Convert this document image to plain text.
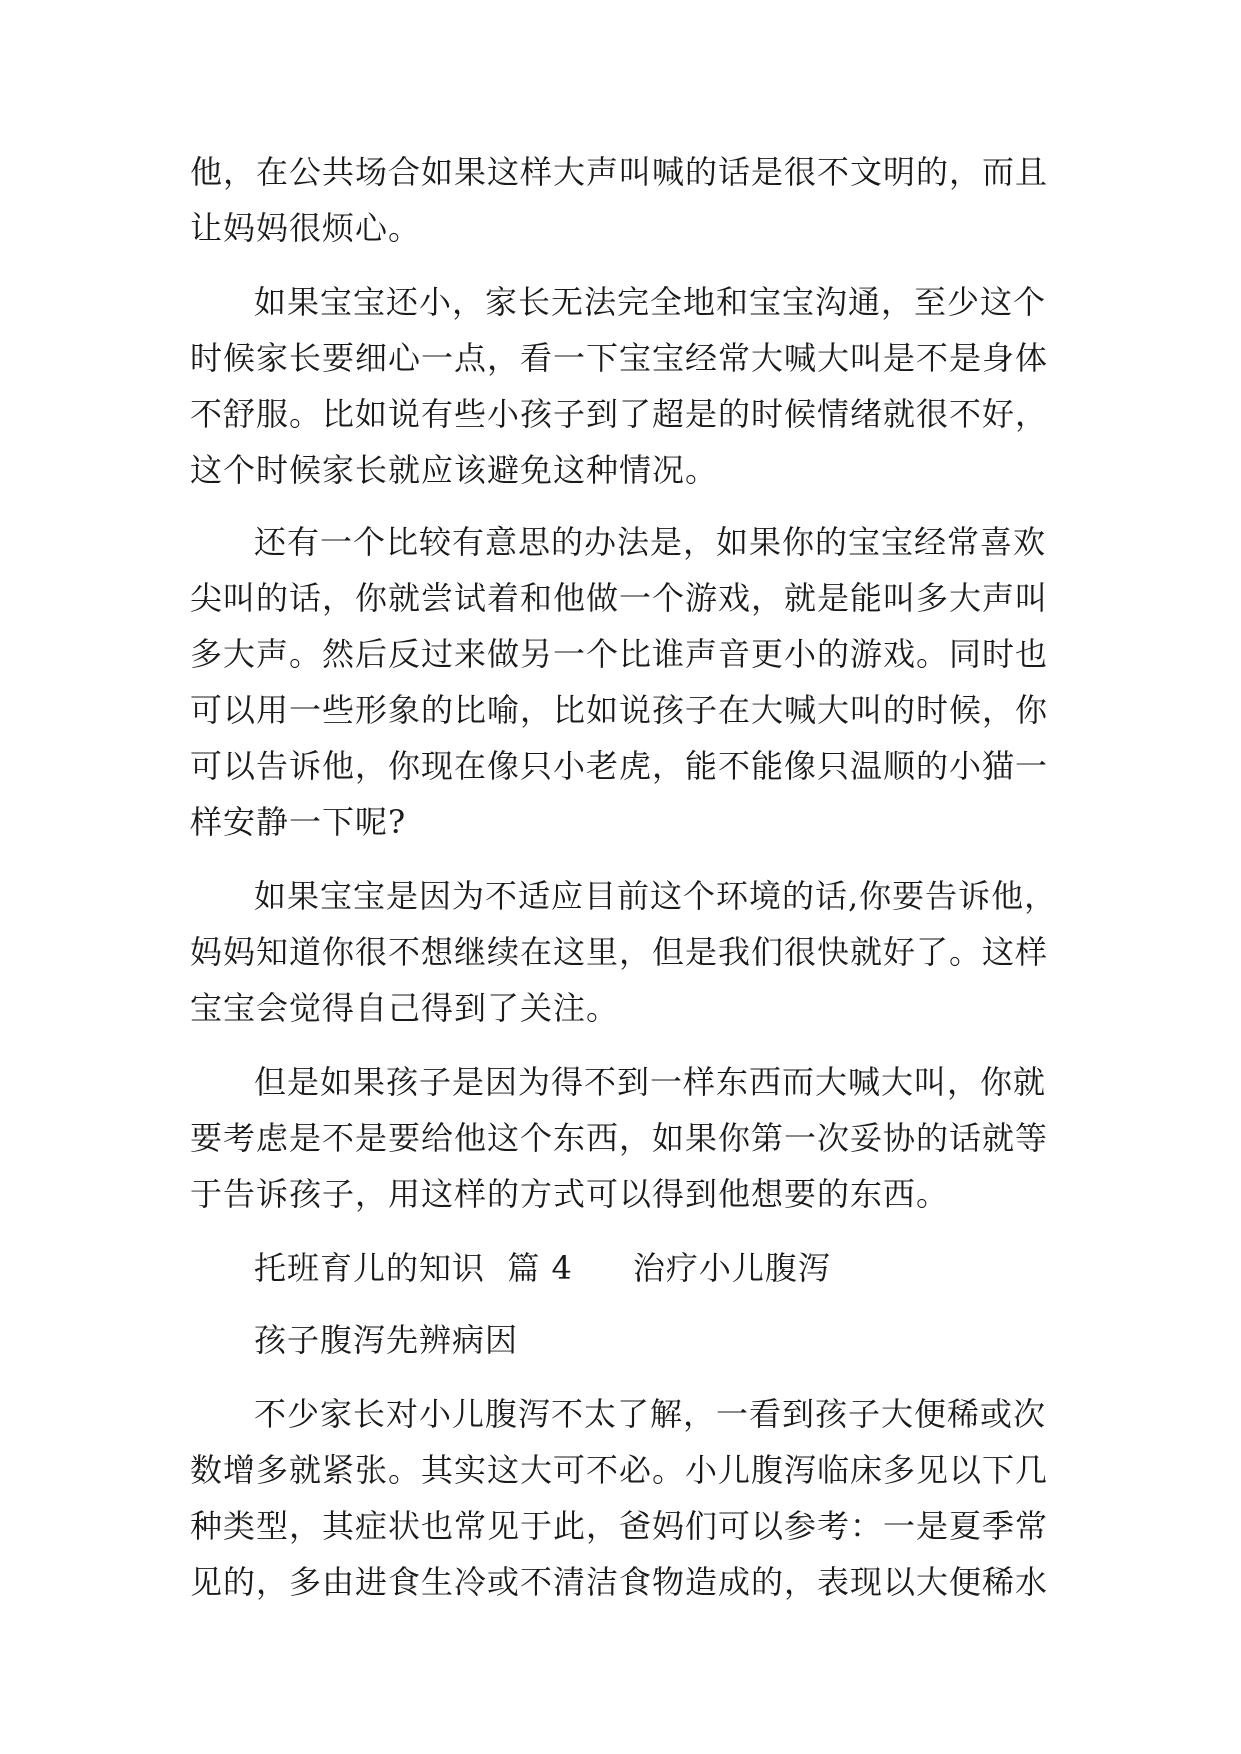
他，在公共场合如果这样大声叫喊的话是很不文明的，而且
让妈妈很烦心。
如果宝宝还小，家长无法完全地和宝宝沟通，至少这个
时候家长要细心一点，看一下宝宝经常大喊大叫是不是身体
不舒服。比如说有些小孩子到了超是的时候情绪就很不好，
这个时候家长就应该避免这种情况。
还有一个比较有意思的办法是，如果你的宝宝经常喜欢
尖叫的话，你就尝试着和他做一个游戏，就是能叫多大声叫
多大声。然后反过来做另一个比谁声音更小的游戏。同时也
可以用一些形象的比喻，比如说孩子在大喊大叫的时候，你
可以告诉他，你现在像只小老虎，能不能像只温顺的小猫一
样安静一下呢?
如果宝宝是因为不适应目前这个环境的话,你要告诉他，
妈妈知道你很不想继续在这里，但是我们很快就好了。这样
宝宝会觉得自己得到了关注。
但是如果孩子是因为得不到一样东西而大喊大叫，你就
要考虑是不是要给他这个东西，如果你第一次妥协的话就等
于告诉孩子，用这样的方式可以得到他想要的东西。
托班育儿的知识  篇 4 治疗小儿腹泻
孩子腹泻先辨病因
不少家长对小儿腹泻不太了解，一看到孩子大便稀或次
数增多就紧张。其实这大可不必。小儿腹泻临床多见以下几
种类型，其症状也常见于此，爸妈们可以参考：一是夏季常
见的，多由进食生冷或不清洁食物造成的，表现以大便稀水
